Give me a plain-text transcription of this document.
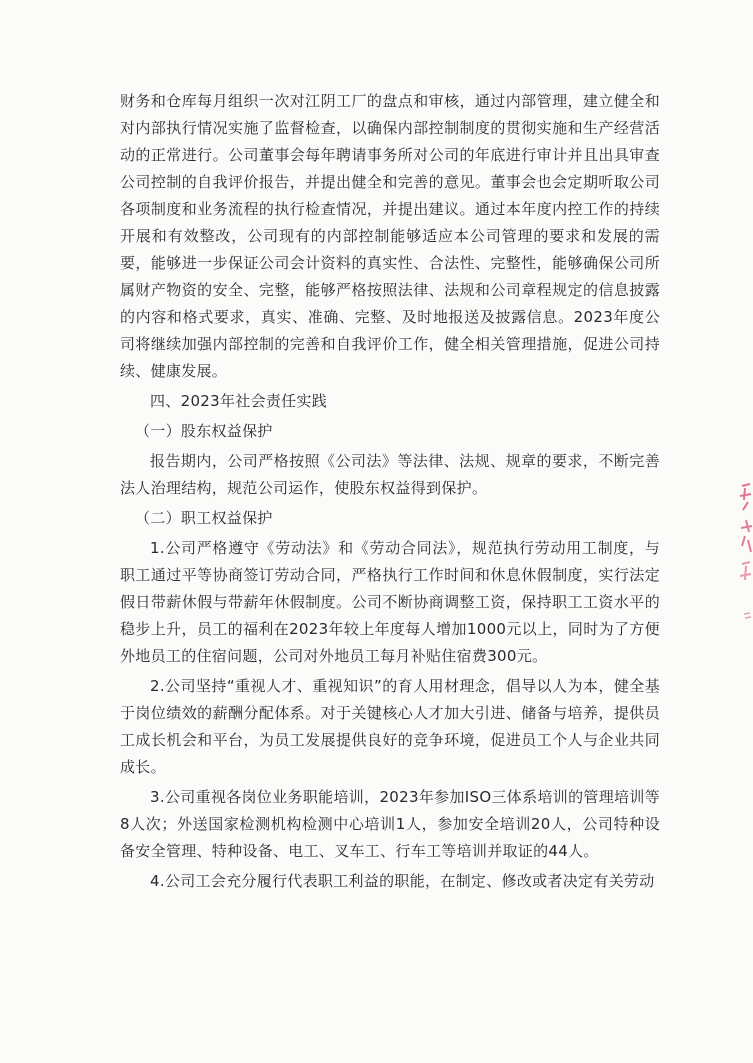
财务和仓库每月组织一次对江阴工厂的盘点和审核，通过内部管理，建立健全和对内部执行情况实施了监督检查，以确保内部控制制度的贯彻实施和生产经营活动的正常进行。公司董事会每年聘请事务所对公司的年底进行审计并且出具审查公司控制的自我评价报告，并提出健全和完善的意见。董事会也会定期听取公司各项制度和业务流程的执行检查情况，并提出建议。通过本年度内控工作的持续开展和有效整改，公司现有的内部控制能够适应本公司管理的要求和发展的需要，能够进一步保证公司会计资料的真实性、合法性、完整性，能够确保公司所属财产物资的安全、完整，能够严格按照法律、法规和公司章程规定的信息披露的内容和格式要求，真实、准确、完整、及时地报送及披露信息。2023年度公司将继续加强内部控制的完善和自我评价工作，健全相关管理措施，促进公司持续、健康发展。

四、2023年社会责任实践

（一）股东权益保护

报告期内，公司严格按照《公司法》等法律、法规、规章的要求，不断完善法人治理结构，规范公司运作，使股东权益得到保护。

（二）职工权益保护

1.公司严格遵守《劳动法》和《劳动合同法》，规范执行劳动用工制度，与职工通过平等协商签订劳动合同，严格执行工作时间和休息休假制度，实行法定假日带薪休假与带薪年休假制度。公司不断协商调整工资，保持职工工资水平的稳步上升，员工的福利在2023年较上年度每人增加1000元以上，同时为了方便外地员工的住宿问题，公司对外地员工每月补贴住宿费300元。

2.公司坚持“重视人才、重视知识”的育人用材理念，倡导以人为本，健全基于岗位绩效的薪酬分配体系。对于关键核心人才加大引进、储备与培养，提供员工成长机会和平台，为员工发展提供良好的竞争环境，促进员工个人与企业共同成长。

3.公司重视各岗位业务职能培训，2023年参加ISO三体系培训的管理培训等8人次；外送国家检测机构检测中心培训1人，参加安全培训20人，公司特种设备安全管理、特种设备、电工、叉车工、行车工等培训并取证的44人。

4.公司工会充分履行代表职工利益的职能，在制定、修改或者决定有关劳动
